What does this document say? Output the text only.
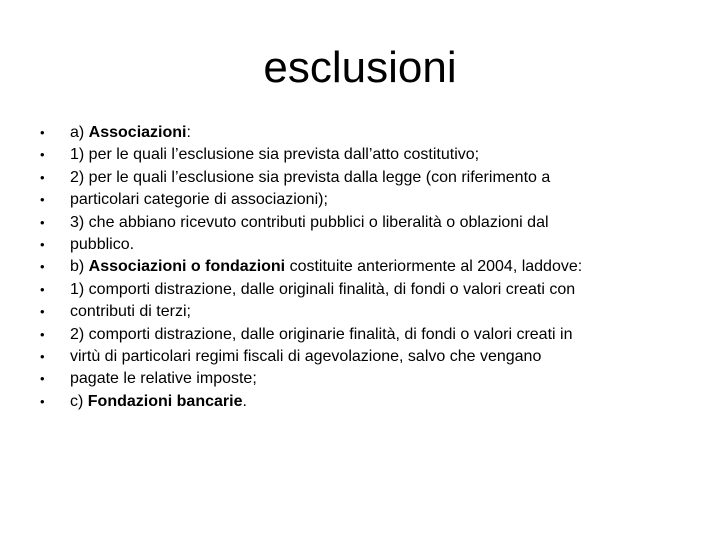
esclusioni
• a) Associazioni:
• 1) per le quali l’esclusione sia prevista dall’atto costitutivo;
• 2) per le quali l’esclusione sia prevista dalla legge (con riferimento a
• particolari categorie di associazioni);
• 3) che abbiano ricevuto contributi pubblici o liberalità o oblazioni dal
• pubblico.
• b) Associazioni o fondazioni costituite anteriormente al 2004, laddove:
• 1) comporti distrazione, dalle originali finalità, di fondi o valori creati con
• contributi di terzi;
• 2) comporti distrazione, dalle originarie finalità, di fondi o valori creati in
• virtù di particolari regimi fiscali di agevolazione, salvo che vengano
• pagate le relative imposte;
• c) Fondazioni bancarie.
